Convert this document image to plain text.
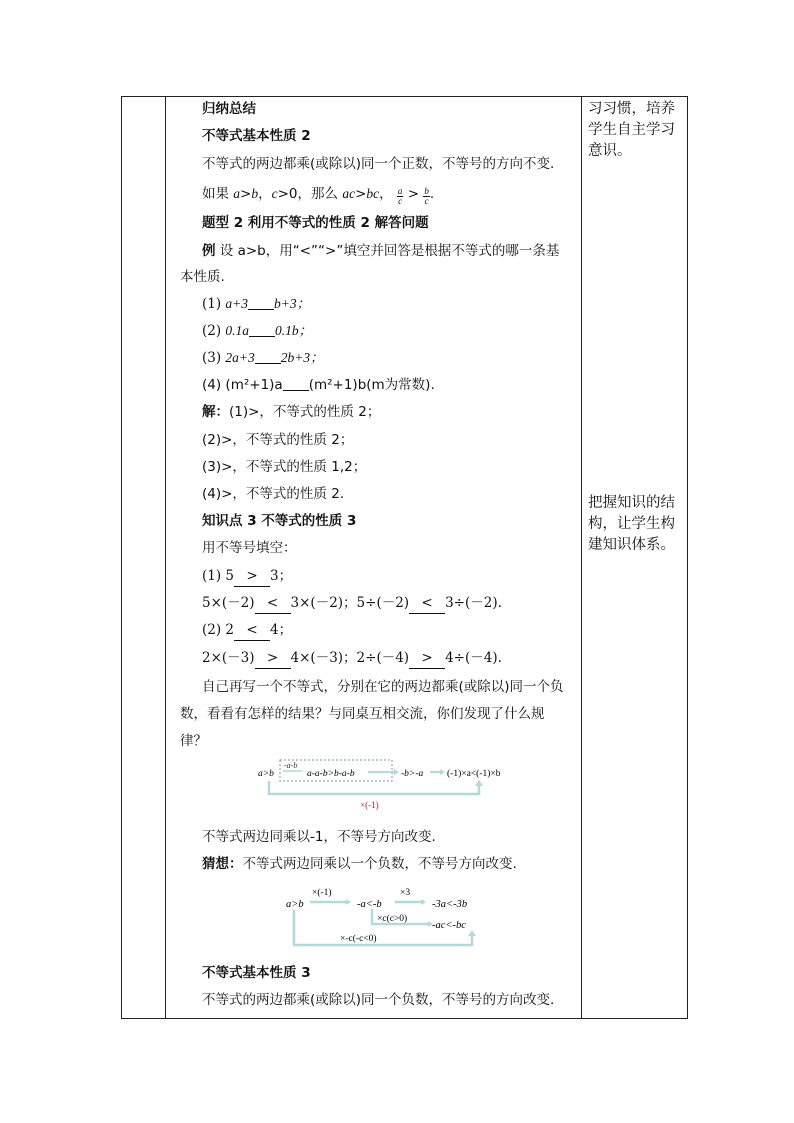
习习惯，培养
学生自主学习
意识。
把握知识的结
构，让学生构
建知识体系。
归纳总结
不等式基本性质 2
不等式的两边都乘(或除以)同一个正数，不等号的方向不变.
如果 a>b，c>0，那么 ac>bc， $\frac{a}{c} > \frac{b}{c}$ .
题型 2 利用不等式的性质 2 解答问题
例 设 a>b，用“<”“>”填空并回答是根据不等式的哪一条基
本性质.
(1) a+3 b+3；
(2) 0.1a 0.1b；
(3) 2a+3 2b+3；
(4) (m²+1)a (m²+1)b(m为常数).
解：(1)>，不等式的性质 2；
(2)>，不等式的性质 2；
(3)>，不等式的性质 1,2；
(4)>，不等式的性质 2.
知识点 3 不等式的性质 3
用不等号填空：
(1) 5 > 3；
5×(－2) < 3×(－2)；5÷(－2) < 3÷(－2).
(2) 2 < 4；
2×(－3) > 4×(－3)；2÷(－4) > 4÷(－4).
自己再写一个不等式，分别在它的两边都乘(或除以)同一个负
数，看看有怎样的结果？与同桌互相交流，你们发现了什么规
律？
-a-b
a>b	a-a-b>b-a-b	-b>-a	(-1)×a<(-1)×b
×(-1)
不等式两边同乘以-1，不等号方向改变.
猜想：不等式两边同乘以一个负数，不等号方向改变.
a>b
×(-1)
-a<-b
×3
-3a<-3b
×c(c>0)
-ac<-bc
×-c(-c<0)
不等式基本性质 3
不等式的两边都乘(或除以)同一个负数，不等号的方向改变.
